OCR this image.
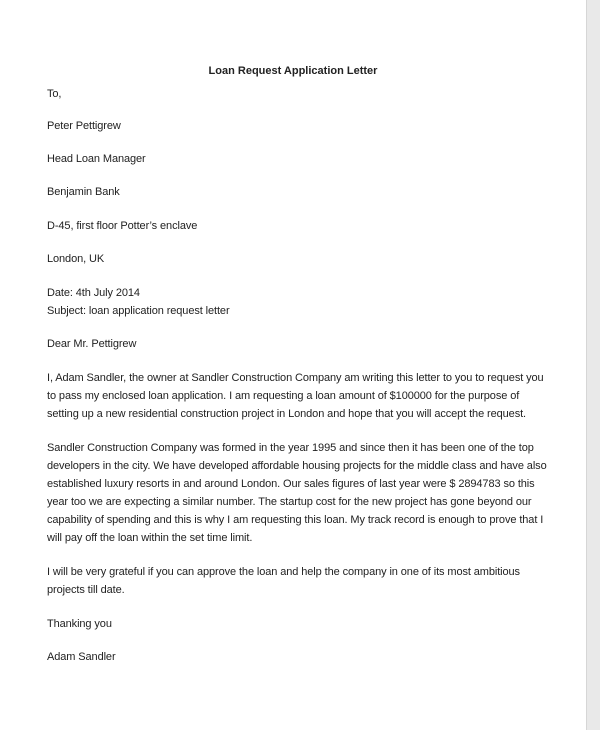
Loan Request Application Letter
To,
Peter Pettigrew
Head Loan Manager
Benjamin Bank
D-45, first floor Potter’s enclave
London, UK
Date: 4th July 2014
Subject: loan application request letter
Dear Mr. Pettigrew
I, Adam Sandler, the owner at Sandler Construction Company am writing this letter to you to request you
to pass my enclosed loan application. I am requesting a loan amount of $100000 for the purpose of
setting up a new residential construction project in London and hope that you will accept the request.
Sandler Construction Company was formed in the year 1995 and since then it has been one of the top
developers in the city. We have developed affordable housing projects for the middle class and have also
established luxury resorts in and around London. Our sales figures of last year were $ 2894783 so this
year too we are expecting a similar number. The startup cost for the new project has gone beyond our
capability of spending and this is why I am requesting this loan. My track record is enough to prove that I
will pay off the loan within the set time limit.
I will be very grateful if you can approve the loan and help the company in one of its most ambitious
projects till date.
Thanking you
Adam Sandler
